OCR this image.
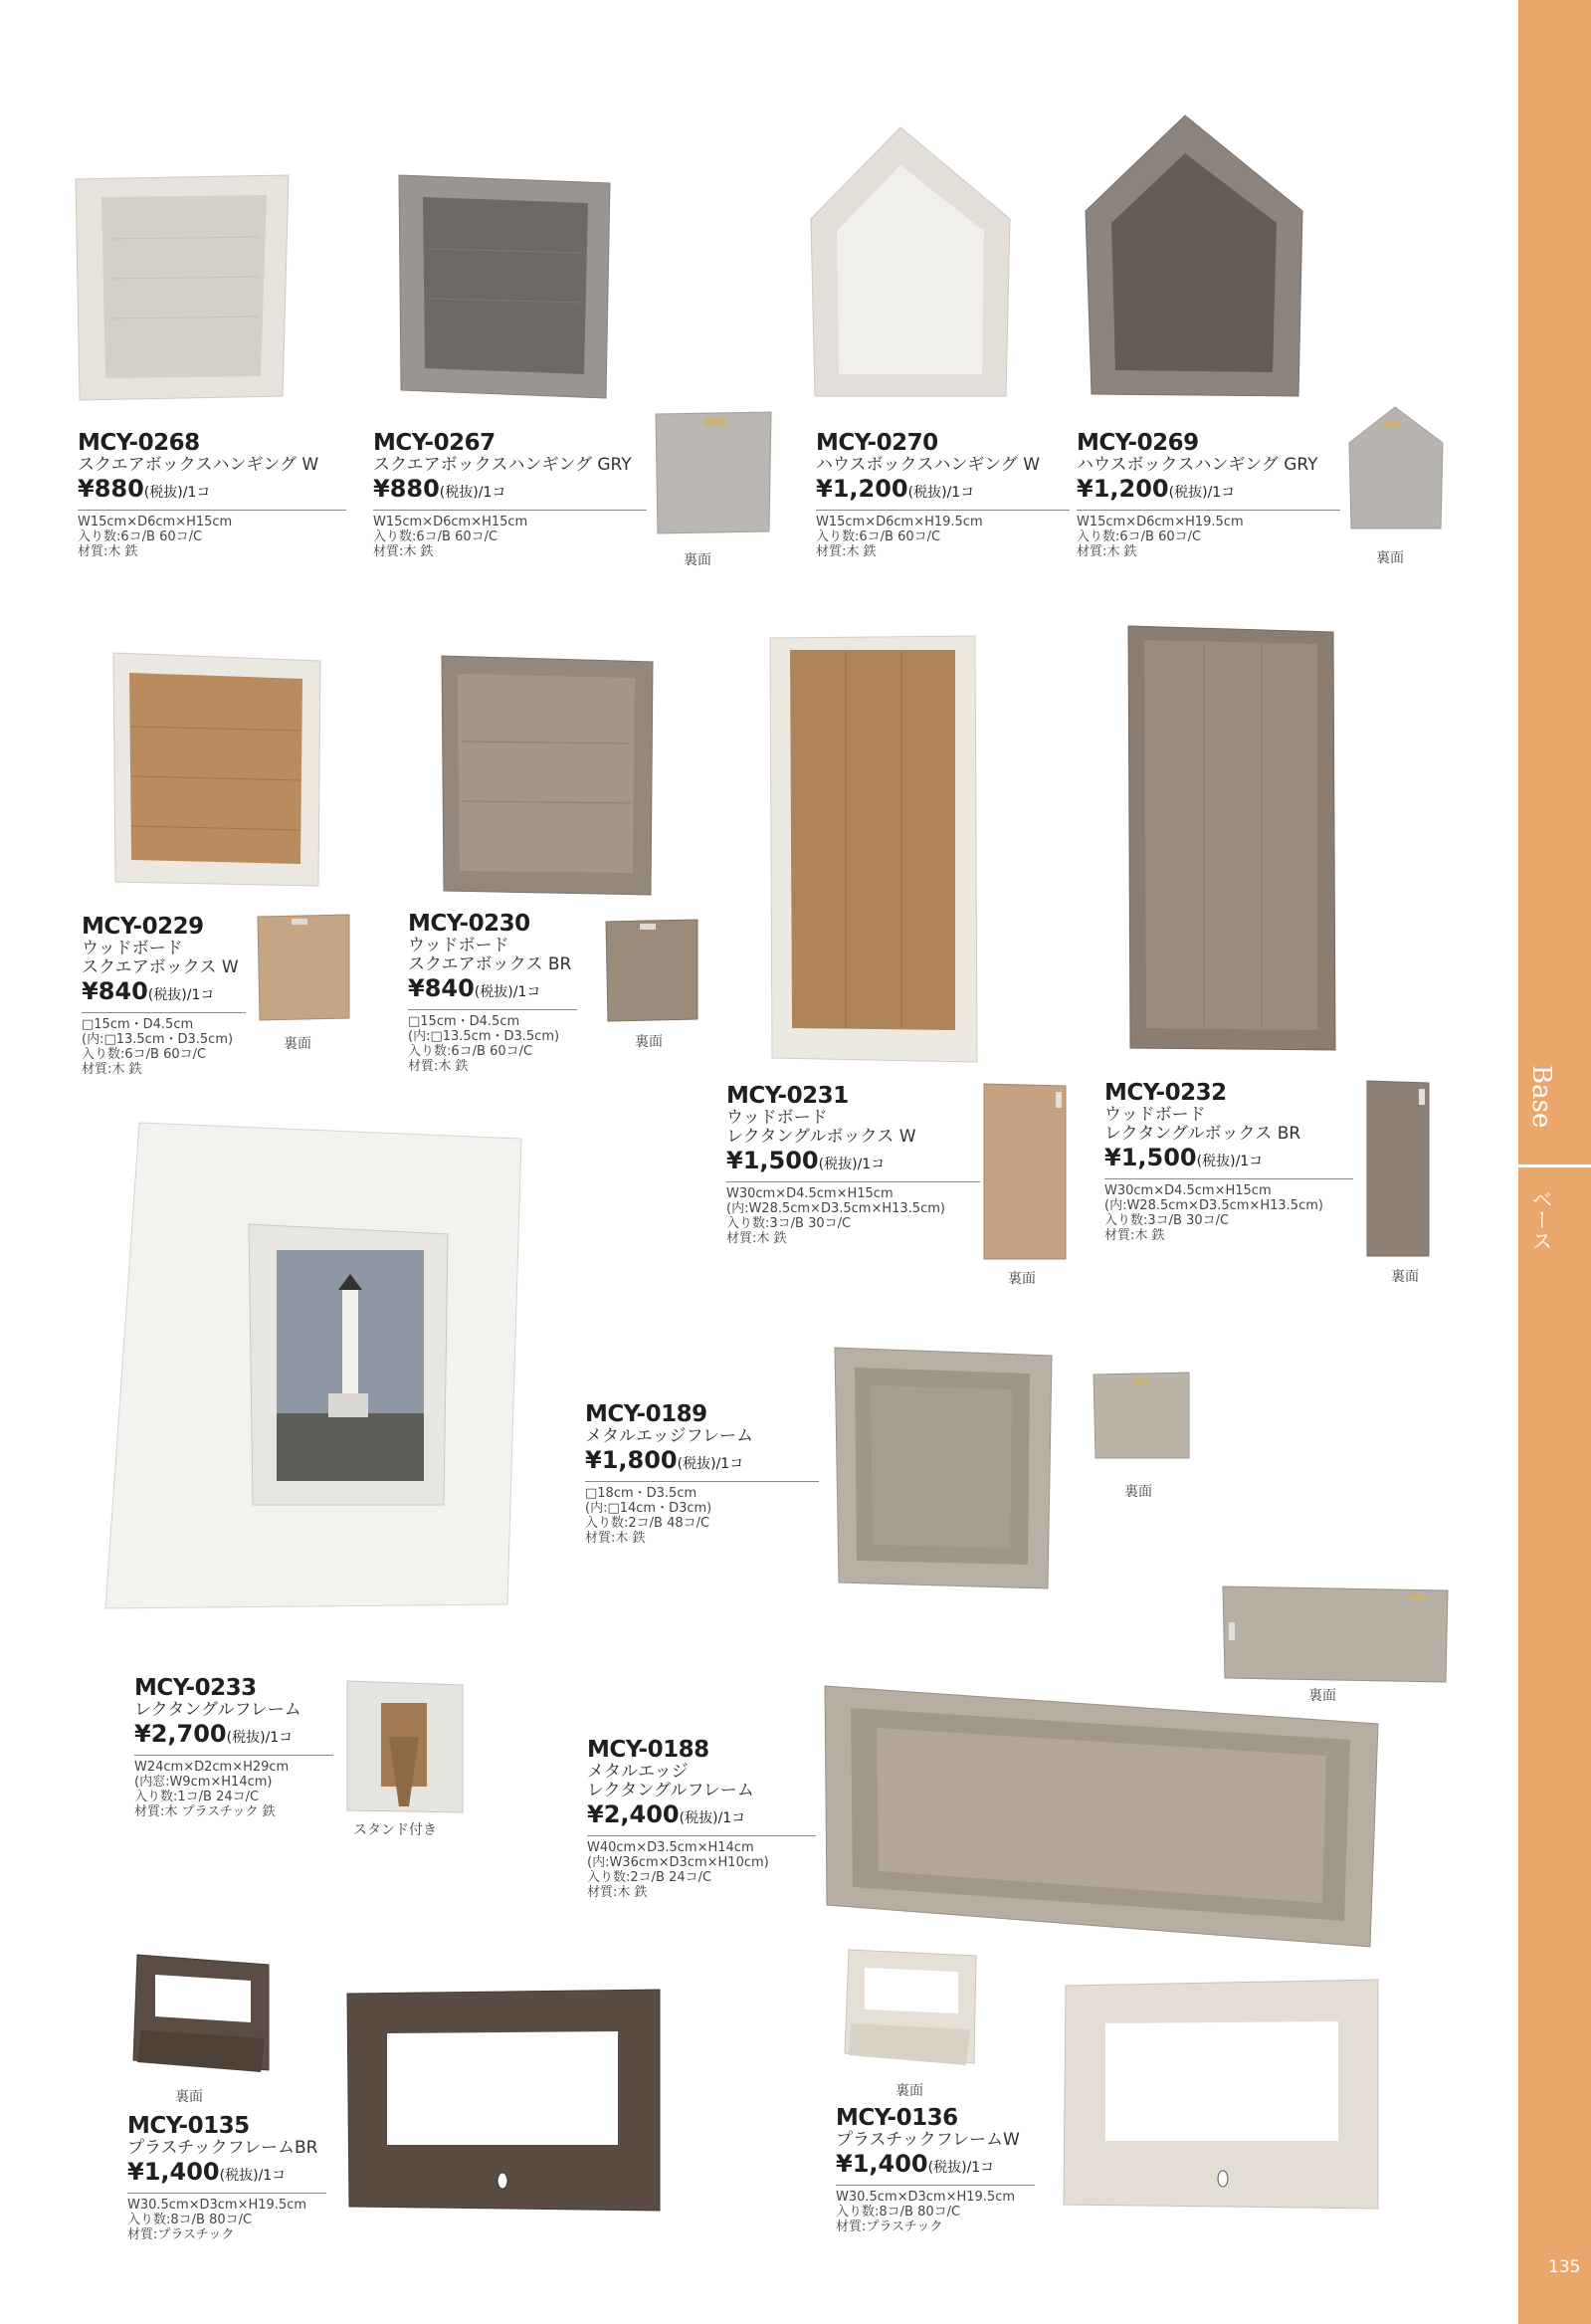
MCY-0268
スクエアボックスハンギング W
¥880(税抜)/1コ
W15cm×D6cm×H15cm
入り数:6コ/B 60コ/C
材質:木 鉄
MCY-0267
スクエアボックスハンギング GRY
¥880(税抜)/1コ
W15cm×D6cm×H15cm
入り数:6コ/B 60コ/C
材質:木 鉄
裏面
MCY-0270
ハウスボックスハンギング W
¥1,200(税抜)/1コ
W15cm×D6cm×H19.5cm
入り数:6コ/B 60コ/C
材質:木 鉄
MCY-0269
ハウスボックスハンギング GRY
¥1,200(税抜)/1コ
W15cm×D6cm×H19.5cm
入り数:6コ/B 60コ/C
材質:木 鉄	裏面
MCY-0229
ウッドボード
スクエアボックス W
¥840(税抜)/1コ
□15cm・D4.5cm
(内:□13.5cm・D3.5cm)
入り数:6コ/B 60コ/C
材質:木 鉄
裏面
MCY-0230
ウッドボード
スクエアボックス BR
¥840(税抜)/1コ
□15cm・D4.5cm
(内:□13.5cm・D3.5cm)
入り数:6コ/B 60コ/C
材質:木 鉄
裏面
MCY-0231
ウッドボード
レクタングルボックス W
¥1,500(税抜)/1コ
W30cm×D4.5cm×H15cm
(内:W28.5cm×D3.5cm×H13.5cm)
入り数:3コ/B 30コ/C
材質:木 鉄
裏面
MCY-0232
ウッドボード
レクタングルボックス BR
¥1,500(税抜)/1コ
W30cm×D4.5cm×H15cm
(内:W28.5cm×D3.5cm×H13.5cm)
入り数:3コ/B 30コ/C
材質:木 鉄
裏面
MCY-0189
メタルエッジフレーム
¥1,800(税抜)/1コ
□18cm・D3.5cm
(内:□14cm・D3cm)
入り数:2コ/B 48コ/C
材質:木 鉄
裏面
裏面
MCY-0233
レクタングルフレーム
¥2,700(税抜)/1コ
W24cm×D2cm×H29cm
(内窓:W9cm×H14cm)
入り数:1コ/B 24コ/C
材質:木 プラスチック 鉄
スタンド付き
MCY-0188
メタルエッジ
レクタングルフレーム
¥2,400(税抜)/1コ
W40cm×D3.5cm×H14cm
(内:W36cm×D3cm×H10cm)
入り数:2コ/B 24コ/C
材質:木 鉄
裏面
MCY-0135
プラスチックフレームBR
¥1,400(税抜)/1コ
W30.5cm×D3cm×H19.5cm
入り数:8コ/B 80コ/C
材質:プラスチック
裏面
MCY-0136
プラスチックフレームW
¥1,400(税抜)/1コ
W30.5cm×D3cm×H19.5cm
入り数:8コ/B 80コ/C
材質:プラスチック
Base
ベース
135
